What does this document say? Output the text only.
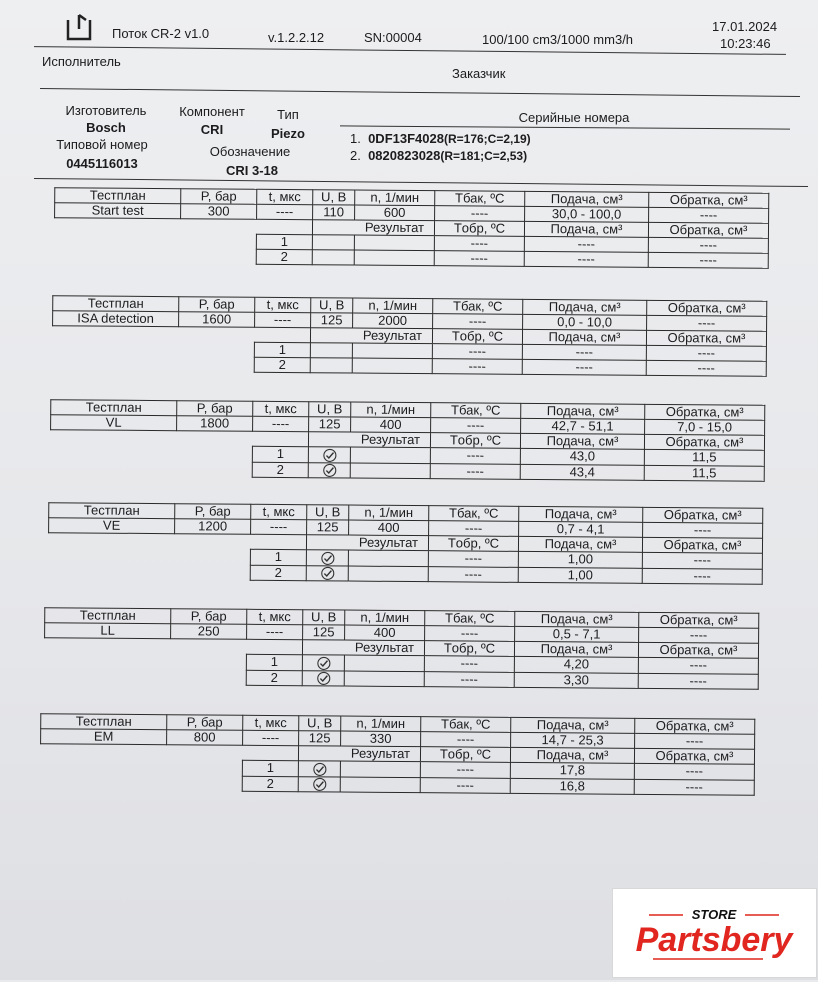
Поток CR-2 v1.0	v.1.2.2.12	SN:00004	100/100 cm3/1000 mm3/h
17.01.2024
10:23:46
Исполнитель
Заказчик
Изготовитель
Bosch
Типовой номер
0445116013
Компонент
CRI
Обозначение
CRI 3-18
Тип
Piezo
Серийные номера
1. 0DF13F4028(R=176;C=2,19)
2. 0820823028(R=181;C=2,53)
Тестплан	P, бар	t, мкс	U, В	n, 1/мин	Tбак, ºC	Подача, см³	Обратка, см³
Start test	300	----	110	600	----	30,0 - 100,0	----
			Результат		Tобр, ºC	Подача, см³	Обратка, см³
		1			----	----	----
		2			----	----	----
Тестплан	P, бар	t, мкс	U, В	n, 1/мин	Tбак, ºC	Подача, см³	Обратка, см³
ISA detection	1600	----	125	2000	----	0,0 - 10,0	----
			Результат		Tобр, ºC	Подача, см³	Обратка, см³
		1			----	----	----
		2			----	----	----
Тестплан	P, бар	t, мкс	U, В	n, 1/мин	Tбак, ºC	Подача, см³	Обратка, см³
VL	1800	----	125	400	----	42,7 - 51,1	7,0 - 15,0
			Результат		Tобр, ºC	Подача, см³	Обратка, см³
		1			----	43,0	11,5
		2			----	43,4	11,5
Тестплан	P, бар	t, мкс	U, В	n, 1/мин	Tбак, ºC	Подача, см³	Обратка, см³
VE	1200	----	125	400	----	0,7 - 4,1	----
			Результат		Tобр, ºC	Подача, см³	Обратка, см³
		1			----	1,00	----
		2			----	1,00	----
Тестплан	P, бар	t, мкс	U, В	n, 1/мин	Tбак, ºC	Подача, см³	Обратка, см³
LL	250	----	125	400	----	0,5 - 7,1	----
			Результат		Tобр, ºC	Подача, см³	Обратка, см³
		1			----	4,20	----
		2			----	3,30	----
Тестплан	P, бар	t, мкс	U, В	n, 1/мин	Tбак, ºC	Подача, см³	Обратка, см³
EM	800	----	125	330	----	14,7 - 25,3	----
			Результат		Tобр, ºC	Подача, см³	Обратка, см³
		1			----	17,8	----
		2			----	16,8	----
STORE
Partsbery
